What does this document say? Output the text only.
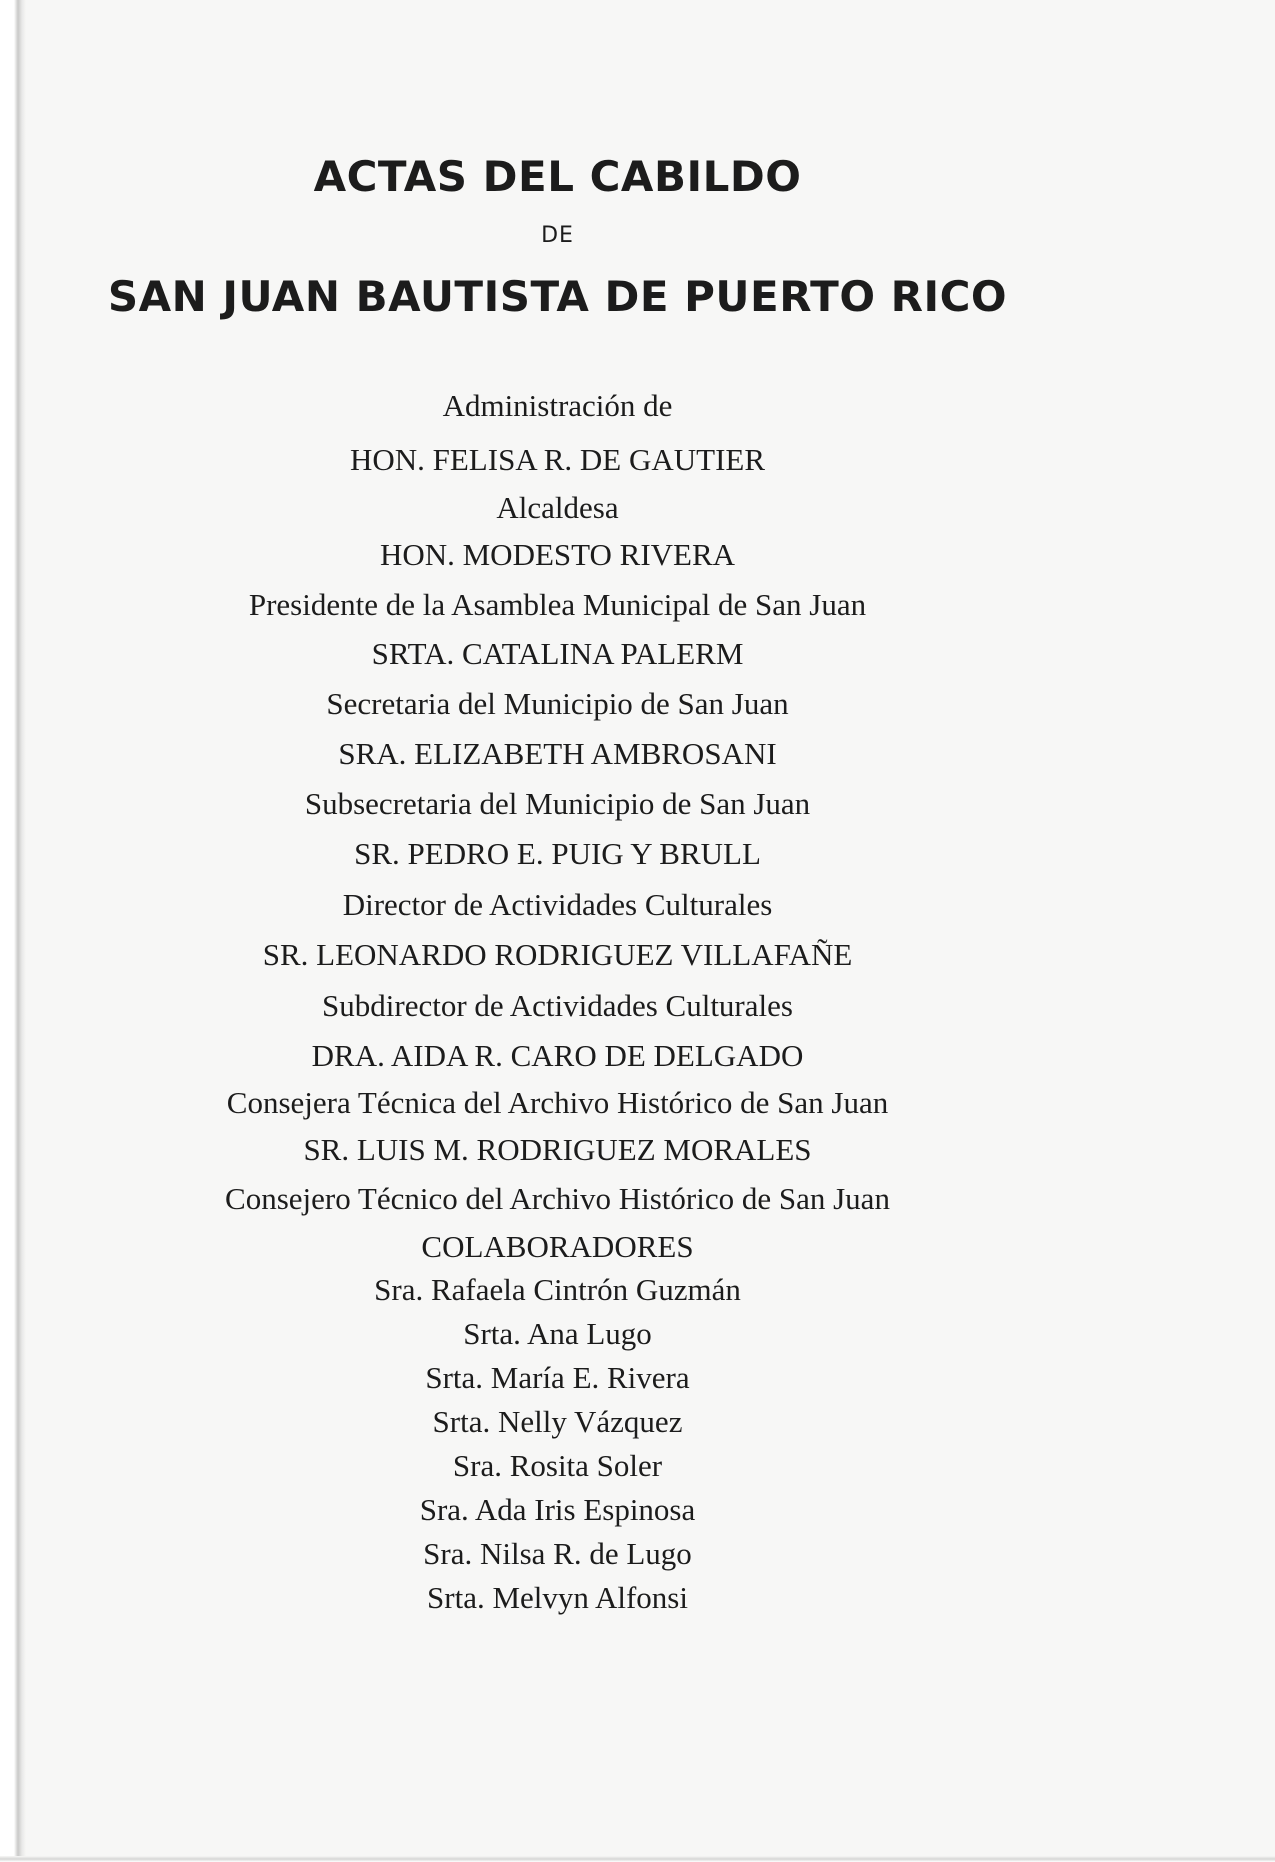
ACTAS DEL CABILDO
DE
SAN JUAN BAUTISTA DE PUERTO RICO
Administración de
HON. FELISA R. DE GAUTIER
Alcaldesa
HON. MODESTO RIVERA
Presidente de la Asamblea Municipal de San Juan
SRTA. CATALINA PALERM
Secretaria del Municipio de San Juan
SRA. ELIZABETH AMBROSANI
Subsecretaria del Municipio de San Juan
SR. PEDRO E. PUIG Y BRULL
Director de Actividades Culturales
SR. LEONARDO RODRIGUEZ VILLAFAÑE
Subdirector de Actividades Culturales
DRA. AIDA R. CARO DE DELGADO
Consejera Técnica del Archivo Histórico de San Juan
SR. LUIS M. RODRIGUEZ MORALES
Consejero Técnico del Archivo Histórico de San Juan
COLABORADORES
Sra. Rafaela Cintrón Guzmán
Srta. Ana Lugo
Srta. María E. Rivera
Srta. Nelly Vázquez
Sra. Rosita Soler
Sra. Ada Iris Espinosa
Sra. Nilsa R. de Lugo
Srta. Melvyn Alfonsi
